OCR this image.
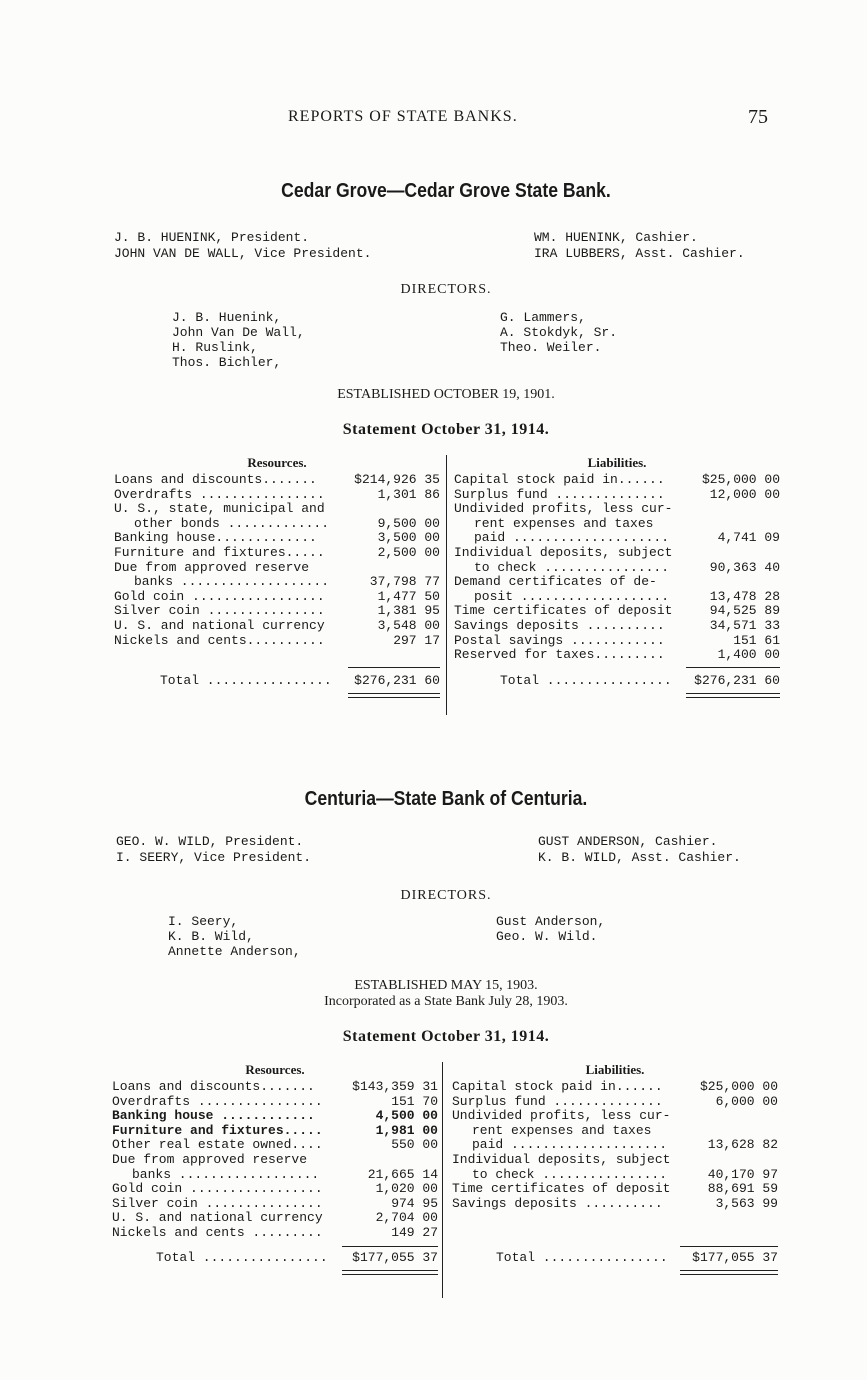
REPORTS OF STATE BANKS.	75
Cedar Grove—Cedar Grove State Bank.
J. B. HUENINK, President.
JOHN VAN DE WALL, Vice President.
WM. HUENINK, Cashier.
IRA LUBBERS, Asst. Cashier.
DIRECTORS.
J. B. Huenink,
John Van De Wall,
H. Ruslink,
Thos. Bichler,
G. Lammers,
A. Stokdyk, Sr.
Theo. Weiler.
ESTABLISHED OCTOBER 19, 1901.
Statement October 31, 1914.
Resources.
Loans and discounts.......	$214,926 35
Overdrafts ................	1,301 86
U. S., state, municipal and
other bonds .............	9,500 00
Banking house.............	3,500 00
Furniture and fixtures.....	2,500 00
Due from approved reserve
banks ...................	37,798 77
Gold coin .................	1,477 50
Silver coin ...............	1,381 95
U. S. and national currency	3,548 00
Nickels and cents..........	297 17
Total ................ $276,231 60
Liabilities.
Capital stock paid in......	$25,000 00
Surplus fund ..............	12,000 00
Undivided profits, less cur-
rent expenses and taxes
paid ....................	4,741 09
Individual deposits, subject
to check ................	90,363 40
Demand certificates of de-
posit ...................	13,478 28
Time certificates of deposit	94,525 89
Savings deposits ..........	34,571 33
Postal savings ............	151 61
Reserved for taxes.........	1,400 00
Total ................ $276,231 60
Centuria—State Bank of Centuria.
GEO. W. WILD, President.
I. SEERY, Vice President.
GUST ANDERSON, Cashier.
K. B. WILD, Asst. Cashier.
DIRECTORS.
I. Seery,
K. B. Wild,
Annette Anderson,
Gust Anderson,
Geo. W. Wild.
ESTABLISHED MAY 15, 1903.
Incorporated as a State Bank July 28, 1903.
Statement October 31, 1914.
Resources.
Loans and discounts.......	$143,359 31
Overdrafts ................	151 70
Banking house ............	4,500 00
Furniture and fixtures.....	1,981 00
Other real estate owned....	550 00
Due from approved reserve
banks ..................	21,665 14
Gold coin .................	1,020 00
Silver coin ...............	974 95
U. S. and national currency	2,704 00
Nickels and cents .........	149 27
Total ................ $177,055 37
Liabilities.
Capital stock paid in......	$25,000 00
Surplus fund ..............	6,000 00
Undivided profits, less cur-
rent expenses and taxes
paid ....................	13,628 82
Individual deposits, subject
to check ................	40,170 97
Time certificates of deposit	88,691 59
Savings deposits ..........	3,563 99
Total ................ $177,055 37
